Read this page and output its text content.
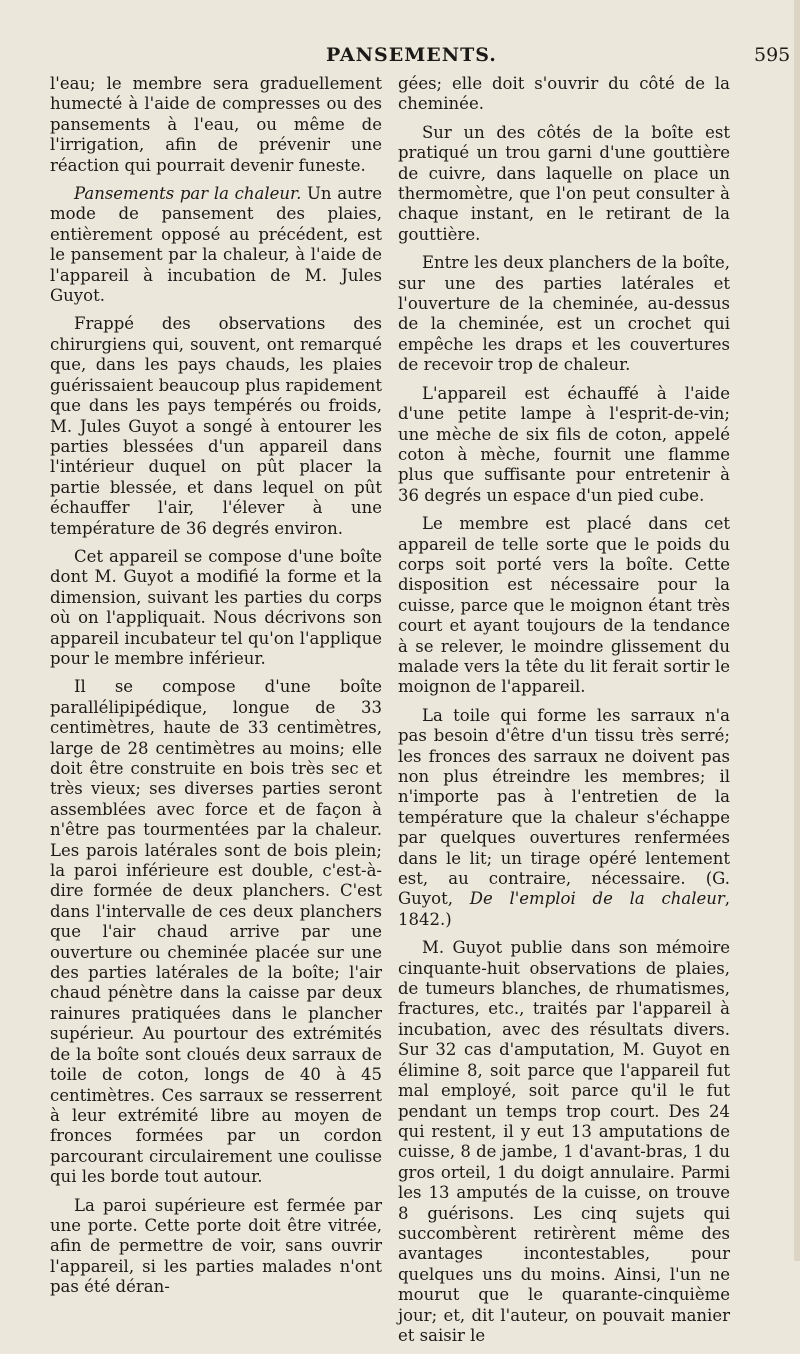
PANSEMENTS.	595

l'eau; le membre sera graduellement humecté à l'aide de compresses ou des pansements à l'eau, ou même de l'irrigation, afin de prévenir une réaction qui pourrait devenir funeste.

Pansements par la chaleur. Un autre mode de pansement des plaies, entièrement opposé au précédent, est le pansement par la chaleur, à l'aide de l'appareil à incubation de M. Jules Guyot.

Frappé des observations des chirurgiens qui, souvent, ont remarqué que, dans les pays chauds, les plaies guérissaient beaucoup plus rapidement que dans les pays tempérés ou froids, M. Jules Guyot a songé à entourer les parties blessées d'un appareil dans l'intérieur duquel on pût placer la partie blessée, et dans lequel on pût échauffer l'air, l'élever à une température de 36 degrés environ.

Cet appareil se compose d'une boîte dont M. Guyot a modifié la forme et la dimension, suivant les parties du corps où on l'appliquait. Nous décrivons son appareil incubateur tel qu'on l'applique pour le membre inférieur.

Il se compose d'une boîte parallélipipédique, longue de 33 centimètres, haute de 33 centimètres, large de 28 centimètres au moins; elle doit être construite en bois très sec et très vieux; ses diverses parties seront assemblées avec force et de façon à n'être pas tourmentées par la chaleur. Les parois latérales sont de bois plein; la paroi inférieure est double, c'est-à-dire formée de deux planchers. C'est dans l'intervalle de ces deux planchers que l'air chaud arrive par une ouverture ou cheminée placée sur une des parties latérales de la boîte; l'air chaud pénètre dans la caisse par deux rainures pratiquées dans le plancher supérieur. Au pourtour des extrémités de la boîte sont cloués deux sarraux de toile de coton, longs de 40 à 45 centimètres. Ces sarraux se resserrent à leur extrémité libre au moyen de fronces formées par un cordon parcourant circulairement une coulisse qui les borde tout autour.

La paroi supérieure est fermée par une porte. Cette porte doit être vitrée, afin de permettre de voir, sans ouvrir l'appareil, si les parties malades n'ont pas été déran-

gées; elle doit s'ouvrir du côté de la cheminée.

Sur un des côtés de la boîte est pratiqué un trou garni d'une gouttière de cuivre, dans laquelle on place un thermomètre, que l'on peut consulter à chaque instant, en le retirant de la gouttière.

Entre les deux planchers de la boîte, sur une des parties latérales et l'ouverture de la cheminée, au-dessus de la cheminée, est un crochet qui empêche les draps et les couvertures de recevoir trop de chaleur.

L'appareil est échauffé à l'aide d'une petite lampe à l'esprit-de-vin; une mèche de six fils de coton, appelé coton à mèche, fournit une flamme plus que suffisante pour entretenir à 36 degrés un espace d'un pied cube.

Le membre est placé dans cet appareil de telle sorte que le poids du corps soit porté vers la boîte. Cette disposition est nécessaire pour la cuisse, parce que le moignon étant très court et ayant toujours de la tendance à se relever, le moindre glissement du malade vers la tête du lit ferait sortir le moignon de l'appareil.

La toile qui forme les sarraux n'a pas besoin d'être d'un tissu très serré; les fronces des sarraux ne doivent pas non plus étreindre les membres; il n'importe pas à l'entretien de la température que la chaleur s'échappe par quelques ouvertures renfermées dans le lit; un tirage opéré lentement est, au contraire, nécessaire. (G. Guyot, De l'emploi de la chaleur, 1842.)

M. Guyot publie dans son mémoire cinquante-huit observations de plaies, de tumeurs blanches, de rhumatismes, fractures, etc., traités par l'appareil à incubation, avec des résultats divers. Sur 32 cas d'amputation, M. Guyot en élimine 8, soit parce que l'appareil fut mal employé, soit parce qu'il le fut pendant un temps trop court. Des 24 qui restent, il y eut 13 amputations de cuisse, 8 de jambe, 1 d'avant-bras, 1 du gros orteil, 1 du doigt annulaire. Parmi les 13 amputés de la cuisse, on trouve 8 guérisons. Les cinq sujets qui succombèrent retirèrent même des avantages incontestables, pour quelques uns du moins. Ainsi, l'un ne mourut que le quarante-cinquième jour; et, dit l'auteur, on pouvait manier et saisir le
